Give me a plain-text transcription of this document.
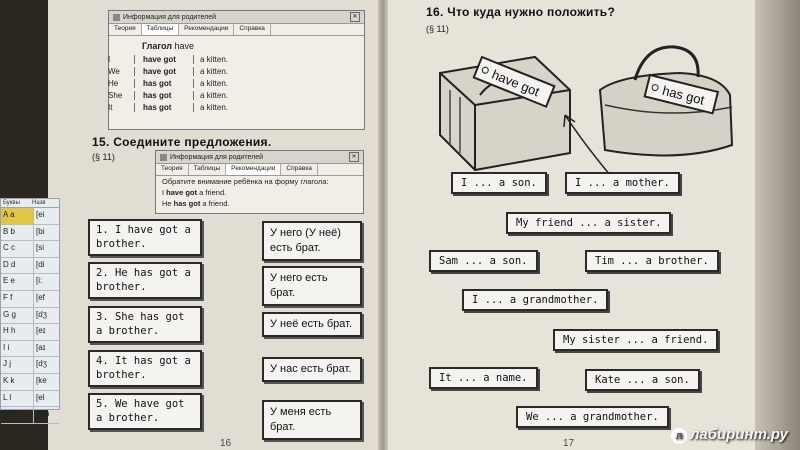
Буквы	Назв
A a	[ei
B b	[bi
C c	[si
D d	[di
E e	[i:
F f	[ef
G g	[dʒ
H h	[eɪ
I i	[aɪ
J j	[dʒ
K k	[ke
L l	[el
M m	[em
Информация для родителей	✕
Теория	Таблицы	Рекомендации	Справка
Глагол have
I	have got	a kitten.
We	have got	a kitten.
He	has got	a kitten.
She	has got	a kitten.
It	has got	a kitten.
15. Соедините предложения.
(§ 11)	Информация для родителей	✕
Теория	Таблицы	Рекомендации	Справка
Обратите внимание ребёнка на форму глагола:
I have got a friend.
He has got a friend.
1. I have got a brother.
2. He has got a brother.
3. She has got a brother.
4. It has got a brother.
5. We have got a brother.
У него (У неё) есть брат.
У него есть брат.
У неё есть брат.
У нас есть брат.
У меня есть брат.
16
16. Что куда нужно положить?
(§ 11)
have got	has got
I ... a son.	I ... a mother.
My friend ... a sister.
Sam ... a son.	Tim ... a brother.
I ... a grandmother.
My sister ... a friend.
It ... a name.	Kate ... a son.
We ... a grandmother.
17
л лабиринт.ру
